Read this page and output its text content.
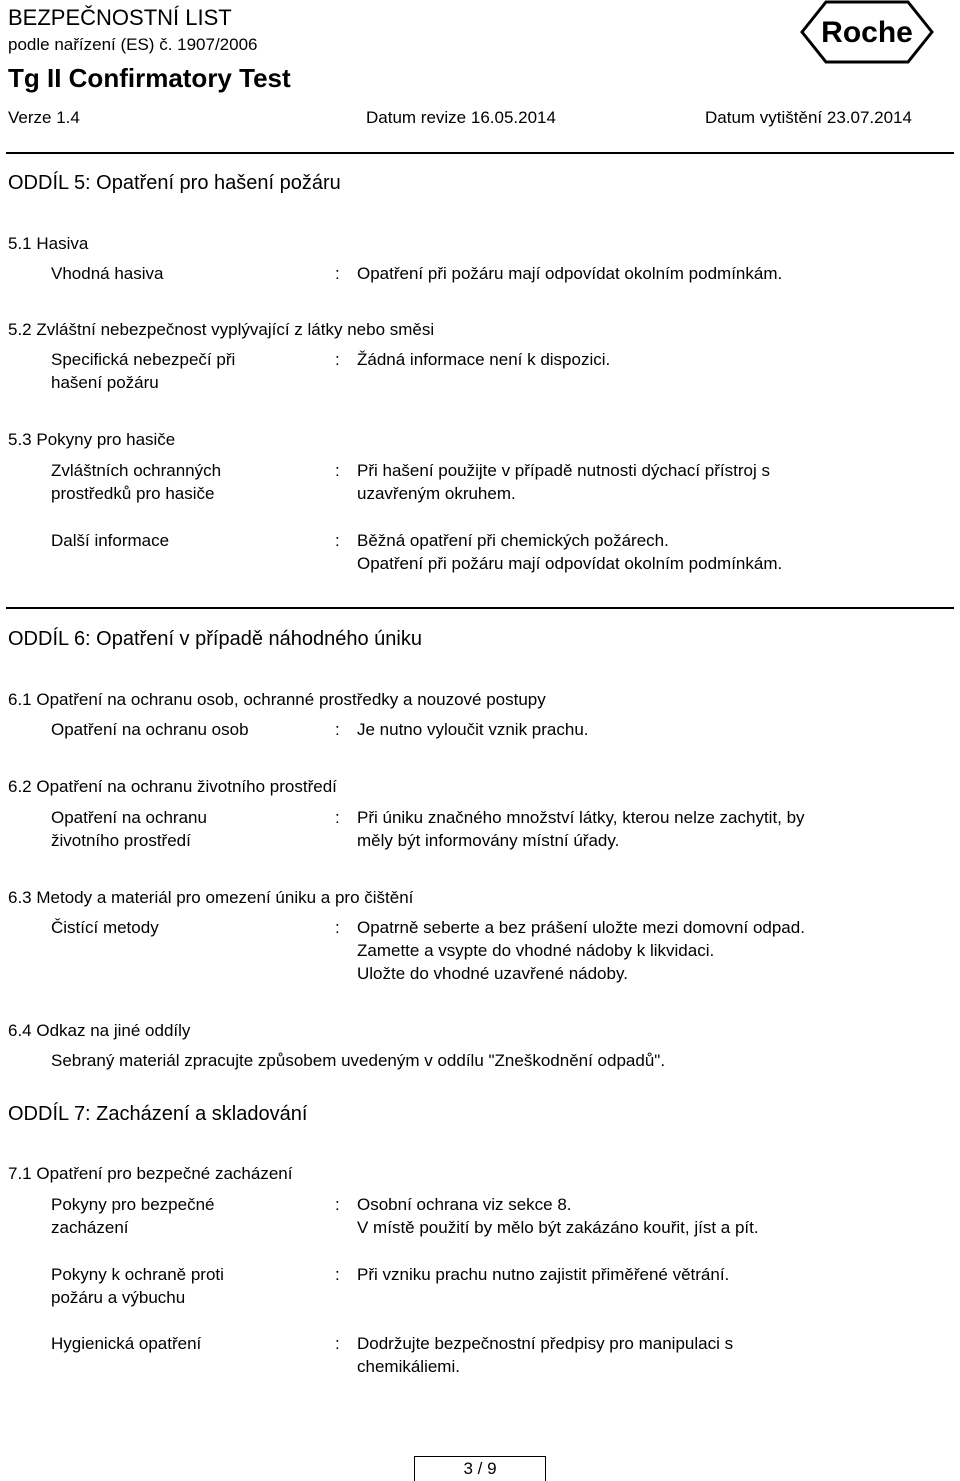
BEZPEČNOSTNÍ LIST
podle nařízení (ES) č. 1907/2006
Tg II Confirmatory Test
Verze 1.4	Datum revize 16.05.2014	Datum vytištění 23.07.2014
Roche
ODDÍL 5: Opatření pro hašení požáru
5.1 Hasiva
Vhodná hasiva	: Opatření při požáru mají odpovídat okolním podmínkám.
5.2 Zvláštní nebezpečnost vyplývající z látky nebo směsi
Specifická nebezpečí při
hašení požáru
: Žádná informace není k dispozici.
5.3 Pokyny pro hasiče
Zvláštních ochranných
prostředků pro hasiče
: Při hašení použijte v případě nutnosti dýchací přístroj s
uzavřeným okruhem.
Další informace	: Běžná opatření při chemických požárech.
Opatření při požáru mají odpovídat okolním podmínkám.
ODDÍL 6: Opatření v případě náhodného úniku
6.1 Opatření na ochranu osob, ochranné prostředky a nouzové postupy
Opatření na ochranu osob	: Je nutno vyloučit vznik prachu.
6.2 Opatření na ochranu životního prostředí
Opatření na ochranu
životního prostředí
: Při úniku značného množství látky, kterou nelze zachytit, by
měly být informovány místní úřady.
6.3 Metody a materiál pro omezení úniku a pro čištění
Čistící metody	: Opatrně seberte a bez prášení uložte mezi domovní odpad.
Zamette a vsypte do vhodné nádoby k likvidaci.
Uložte do vhodné uzavřené nádoby.
6.4 Odkaz na jiné oddíly
Sebraný materiál zpracujte způsobem uvedeným v oddílu "Zneškodnění odpadů".
ODDÍL 7: Zacházení a skladování
7.1 Opatření pro bezpečné zacházení
Pokyny pro bezpečné
zacházení
: Osobní ochrana viz sekce 8.
V místě použití by mělo být zakázáno kouřit, jíst a pít.
Pokyny k ochraně proti
požáru a výbuchu
: Při vzniku prachu nutno zajistit přiměřené větrání.
Hygienická opatření	: Dodržujte bezpečnostní předpisy pro manipulaci s
chemikáliemi.
3 / 9
